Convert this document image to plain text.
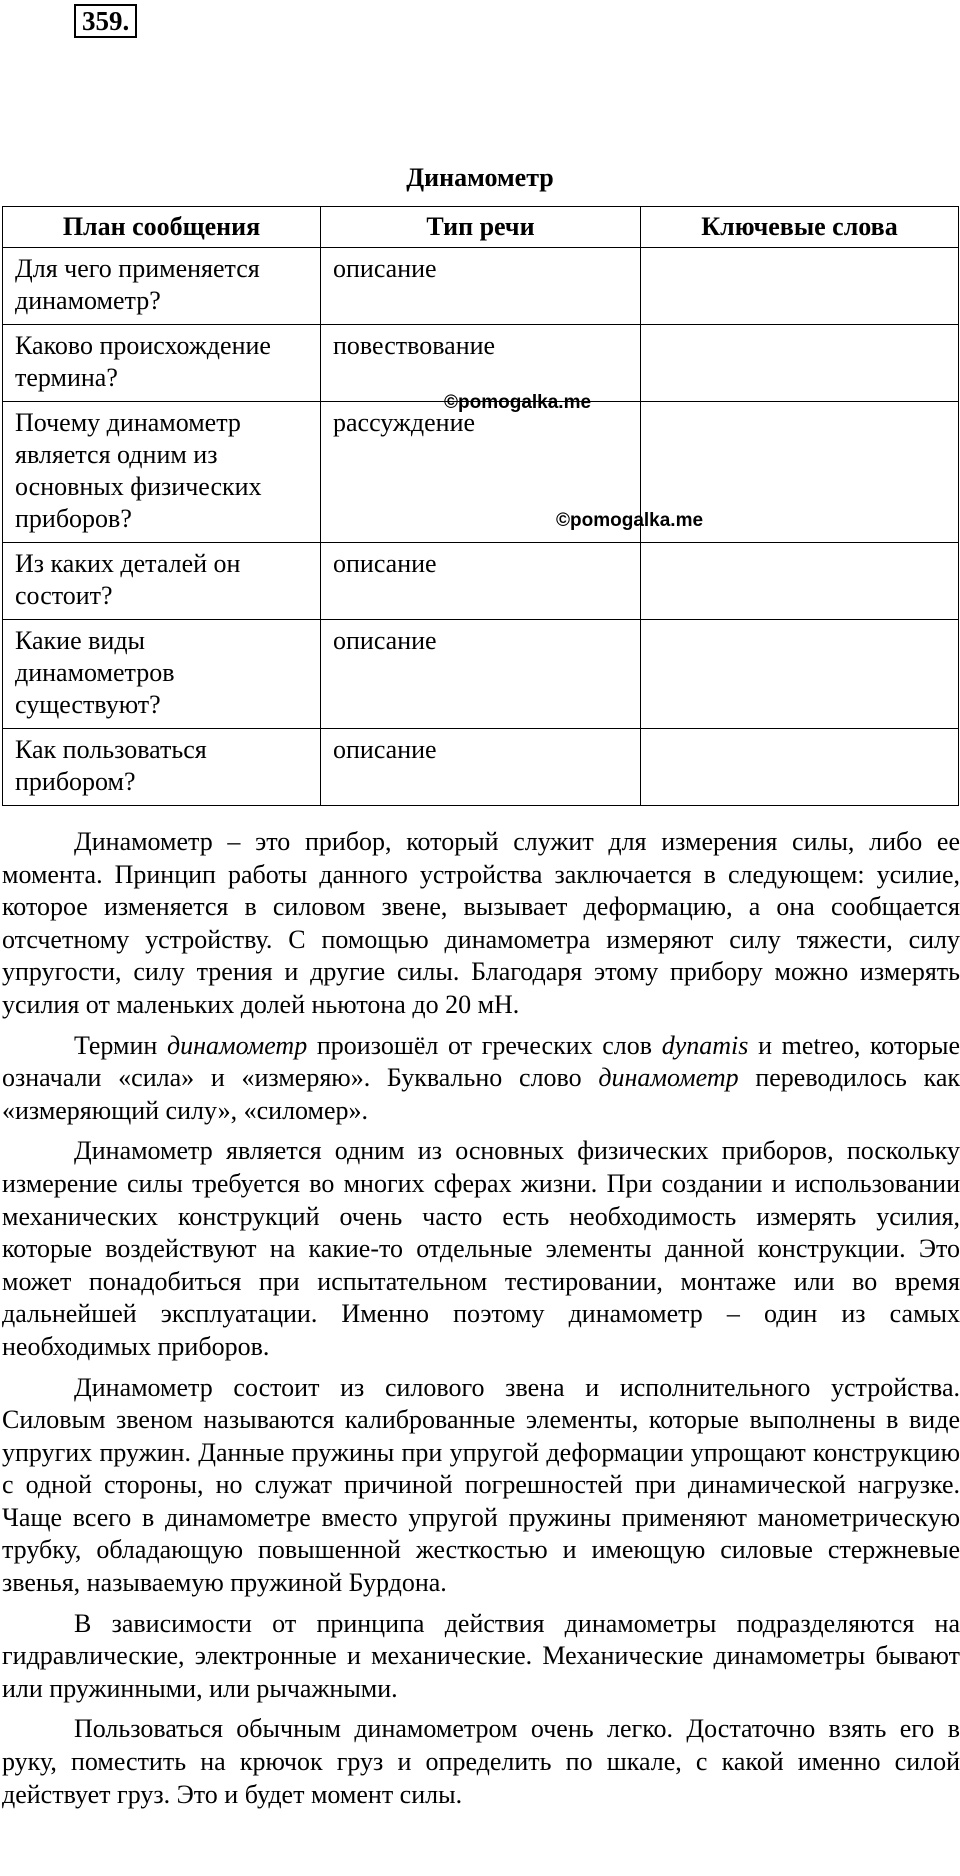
359.
Динамометр
План сообщения	Тип речи	Ключевые слова
Для чего применяется динамометр?	описание	
Каково происхождение термина?	повествование	
Почему динамометр является одним из основных физических приборов?	рассуждение	
Из каких деталей он состоит?	описание	
Какие виды динамометров существуют?	описание	
Как пользоваться прибором?	описание	
©pomogalka.me
©pomogalka.me

Динамометр – это прибор, который служит для измерения силы, либо ее момента. Принцип работы данного устройства заключается в следующем: усилие, которое изменяется в силовом звене, вызывает деформацию, а она сообщается отсчетному устройству. С помощью динамометра измеряют силу тяжести, силу упругости, силу трения и другие силы. Благодаря этому прибору можно измерять усилия от маленьких долей ньютона до 20 мН.

Термин динамометр произошёл от греческих слов dynamis и metreo, которые означали «сила» и «измеряю». Буквально слово динамометр переводилось как «измеряющий силу», «силомер».

Динамометр является одним из основных физических приборов, поскольку измерение силы требуется во многих сферах жизни. При создании и использовании механических конструкций очень часто есть необходимость измерять усилия, которые воздействуют на какие-то отдельные элементы данной конструкции. Это может понадобиться при испытательном тестировании, монтаже или во время дальнейшей эксплуатации. Именно поэтому динамометр – один из самых необходимых приборов.

Динамометр состоит из силового звена и исполнительного устройства. Силовым звеном называются калиброванные элементы, которые выполнены в виде упругих пружин. Данные пружины при упругой деформации упрощают конструкцию с одной стороны, но служат причиной погрешностей при динамической нагрузке. Чаще всего в динамометре вместо упругой пружины применяют манометрическую трубку, обладающую повышенной жесткостью и имеющую силовые стержневые звенья, называемую пружиной Бурдона.

В зависимости от принципа действия динамометры подразделяются на гидравлические, электронные и механические. Механические динамометры бывают или пружинными, или рычажными.

Пользоваться обычным динамометром очень легко. Достаточно взять его в руку, поместить на крючок груз и определить по шкале, с какой именно силой действует груз. Это и будет момент силы.
